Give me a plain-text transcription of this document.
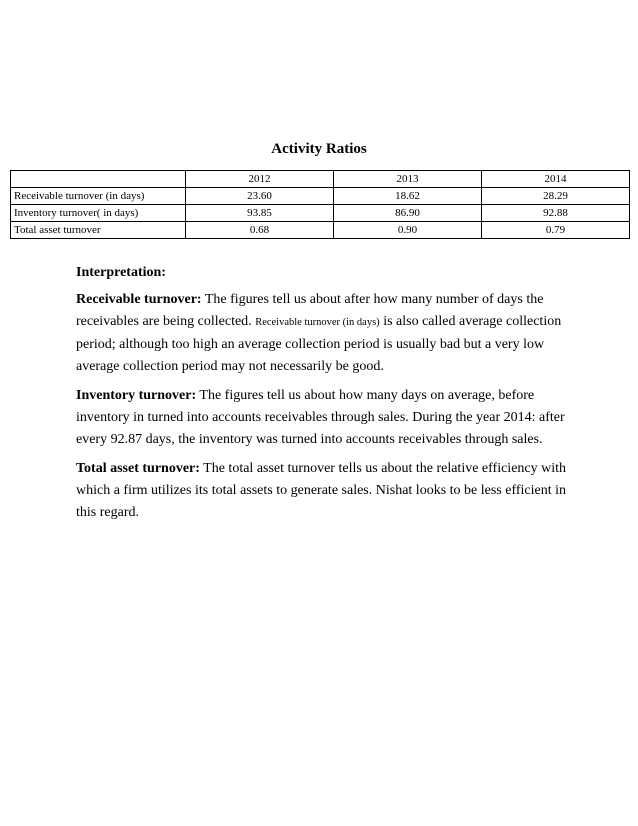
Activity Ratios
	2012	2013	2014
Receivable turnover (in days)	23.60	18.62	28.29
Inventory turnover( in days)	93.85	86.90	92.88
Total asset turnover	0.68	0.90	0.79
Interpretation:

Receivable turnover: The figures tell us about after how many number of days the receivables are being collected. Receivable turnover (in days) is also called average collection period; although too high an average collection period is usually bad but a very low average collection period may not necessarily be good.

Inventory turnover: The figures tell us about how many days on average, before inventory in turned into accounts receivables through sales. During the year 2014: after every 92.87 days, the inventory was turned into accounts receivables through sales.

Total asset turnover: The total asset turnover tells us about the relative efficiency with which a firm utilizes its total assets to generate sales. Nishat looks to be less efficient in this regard.
